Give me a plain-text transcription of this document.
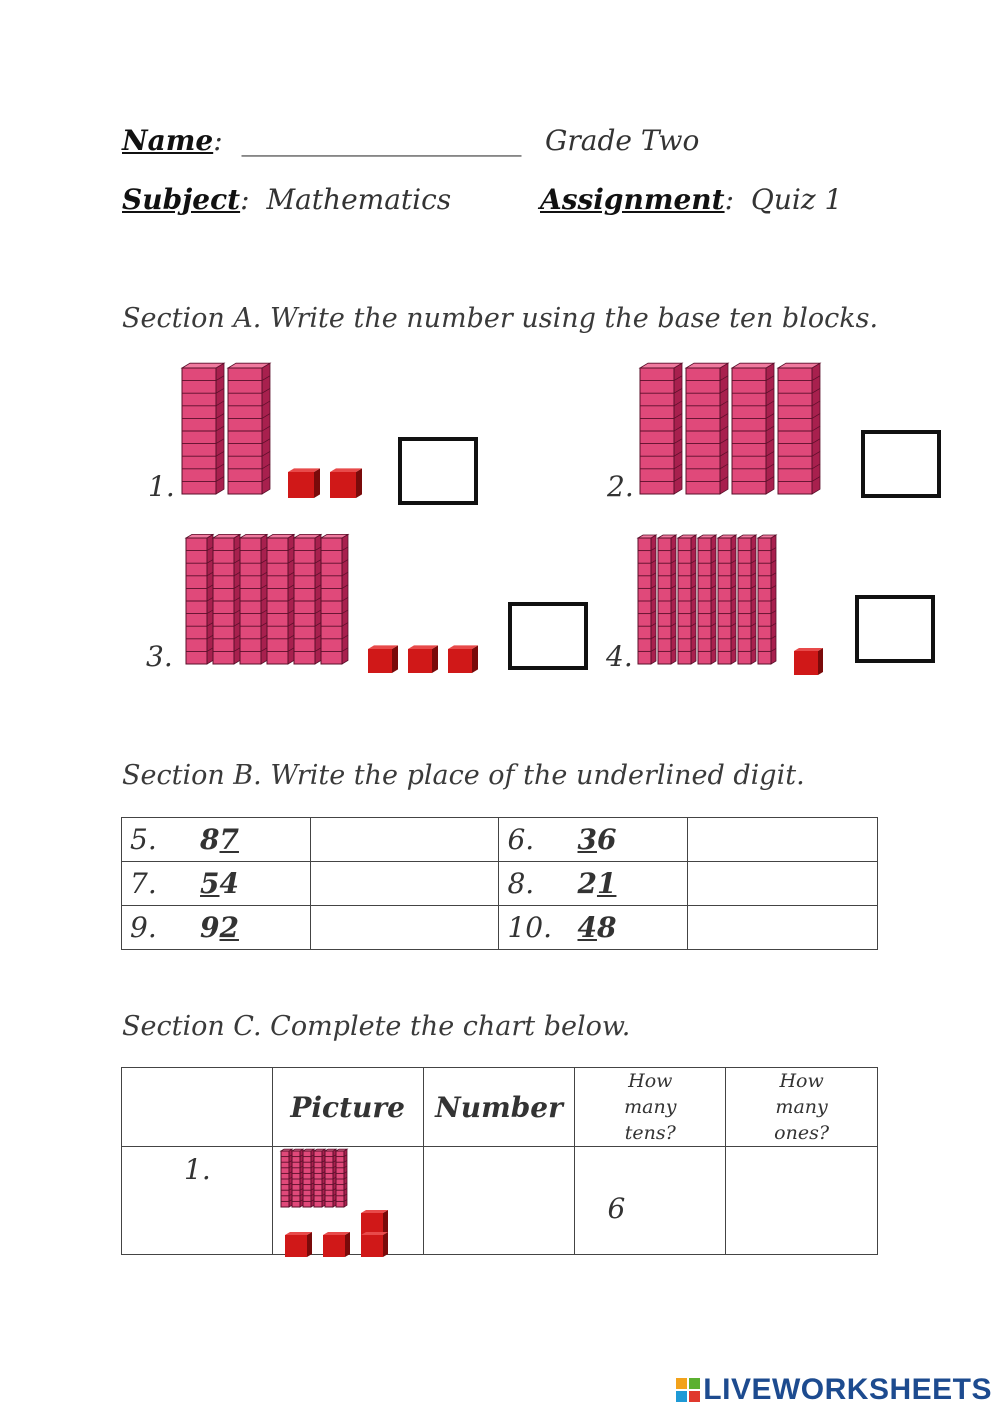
Name: ____________________ Grade Two
Subject: Mathematics	Assignment: Quiz 1
Section A. Write the number using the base ten blocks.
1.	2.
3.	4.
Section B. Write the place of the underlined digit.
5. 87		6. 36	
7. 54		8. 21	
9. 92		10. 48	
Section C. Complete the chart below.
	Picture	Number	How many tens?	How many ones?

1.			6	
LIVEWORKSHEETS
